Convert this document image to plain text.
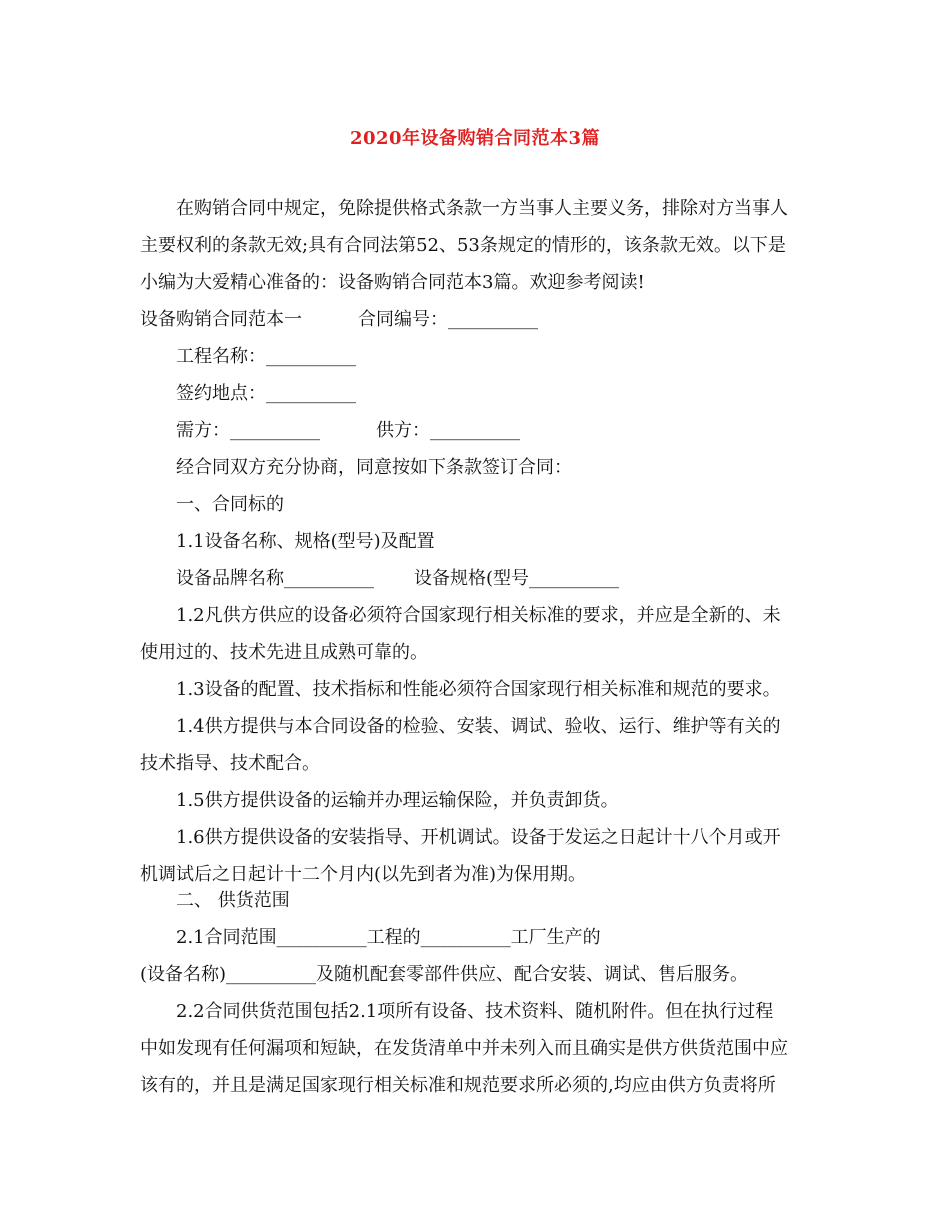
2020年设备购销合同范本3篇

在购销合同中规定，免除提供格式条款一方当事人主要义务，排除对方当事人
主要权利的条款无效;具有合同法第52、53条规定的情形的，该条款无效。以下是
小编为大爱精心准备的：设备购销合同范本3篇。欢迎参考阅读!

设备购销合同范本一	合同编号：__________

工程名称：__________

签约地点：__________

需方：__________	供方：__________

经合同双方充分协商，同意按如下条款签订合同：

一、合同标的

1.1设备名称、规格(型号)及配置

设备品牌名称__________ 设备规格(型号__________

1.2凡供方供应的设备必须符合国家现行相关标准的要求，并应是全新的、未
使用过的、技术先进且成熟可靠的。

1.3设备的配置、技术指标和性能必须符合国家现行相关标准和规范的要求。

1.4供方提供与本合同设备的检验、安装、调试、验收、运行、维护等有关的
技术指导、技术配合。

1.5供方提供设备的运输并办理运输保险，并负责卸货。

1.6供方提供设备的安装指导、开机调试。设备于发运之日起计十八个月或开
机调试后之日起计十二个月内(以先到者为准)为保用期。

二、 供货范围

2.1合同范围__________工程的__________工厂生产的
(设备名称)__________及随机配套零部件供应、配合安装、调试、售后服务。

2.2合同供货范围包括2.1项所有设备、技术资料、随机附件。但在执行过程
中如发现有任何漏项和短缺，在发货清单中并未列入而且确实是供方供货范围中应
该有的，并且是满足国家现行相关标准和规范要求所必须的,均应由供方负责将所
